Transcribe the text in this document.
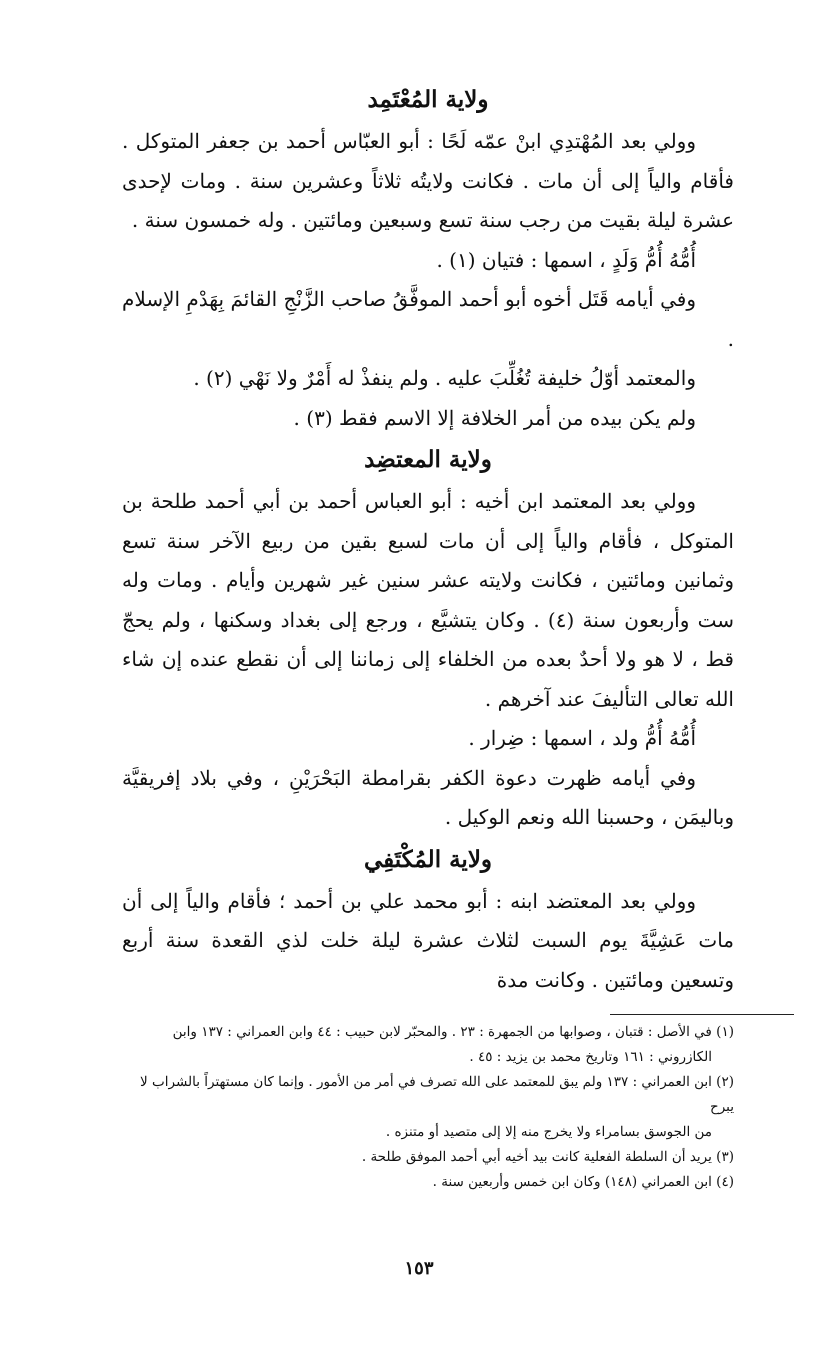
ولاية المُعْتَمِد

وولي بعد المُهْتدِي ابنْ عمّه لَحًا : أبو العبّاس أحمد بن جعفر المتوكل . فأقام والياً إلى أن مات . فكانت ولايتُه ثلاثاً وعشرين سنة . ومات لإحدى عشرة ليلة بقيت من رجب سنة تسع وسبعين ومائتين . وله خمسون سنة .

أُمُّهُ أُمُّ وَلَدٍ ، اسمها : فتيان (١) .

وفي أيامه قَتَل أخوه أبو أحمد الموفَّقُ صاحب الزَّنْجِ القائمَ بِهَدْمِ الإسلام .

والمعتمد أوّلُ خليفة تُغُلِّبَ عليه . ولم ينفذْ له أَمْرٌ ولا نَهْي (٢) .

ولم يكن بيده من أمر الخلافة إلا الاسم فقط (٣) .

ولاية المعتضِد

وولي بعد المعتمد ابن أخيه : أبو العباس أحمد بن أبي أحمد طلحة بن المتوكل ، فأقام والياً إلى أن مات لسبع بقين من ربيع الآخر سنة تسع وثمانين ومائتين ، فكانت ولايته عشر سنين غير شهرين وأيام . ومات وله ست وأربعون سنة (٤) . وكان يتشيَّع ، ورجع إلى بغداد وسكنها ، ولم يحجّ قط ، لا هو ولا أحدٌ بعده من الخلفاء إلى زماننا إلى أن نقطع عنده إن شاء الله تعالى التأليفَ عند آخرهم .

أُمُّهُ أُمُّ ولد ، اسمها : ضِرار .

وفي أيامه ظهرت دعوة الكفر بقرامطة البَحْرَيْنِ ، وفي بلاد إفريقيَّة وباليمَن ، وحسبنا الله ونعم الوكيل .

ولاية المُكْتَفِي

وولي بعد المعتضد ابنه : أبو محمد علي بن أحمد ؛ فأقام والياً إلى أن مات عَشِيَّةَ يوم السبت لثلاث عشرة ليلة خلت لذي القعدة سنة أربع وتسعين ومائتين . وكانت مدة

(١) في الأصل : قتبان ، وصوابها من الجمهرة : ٢٣ . والمحبّر لابن حبيب : ٤٤ وابن العمراني : ١٣٧ وابن

الكازروني : ١٦١ وتاريخ محمد بن يزيد : ٤٥ .

(٢) ابن العمراني : ١٣٧ ولم يبق للمعتمد على الله تصرف في أمر من الأمور . وإنما كان مستهتراً بالشراب لا يبرح

من الجوسق بسامراء ولا يخرج منه إلا إلى متصيد أو متنزه .

(٣) يريد أن السلطة الفعلية كانت بيد أخيه أبي أحمد الموفق طلحة .

(٤) ابن العمراني (١٤٨) وكان ابن خمس وأربعين سنة .

١٥٣
